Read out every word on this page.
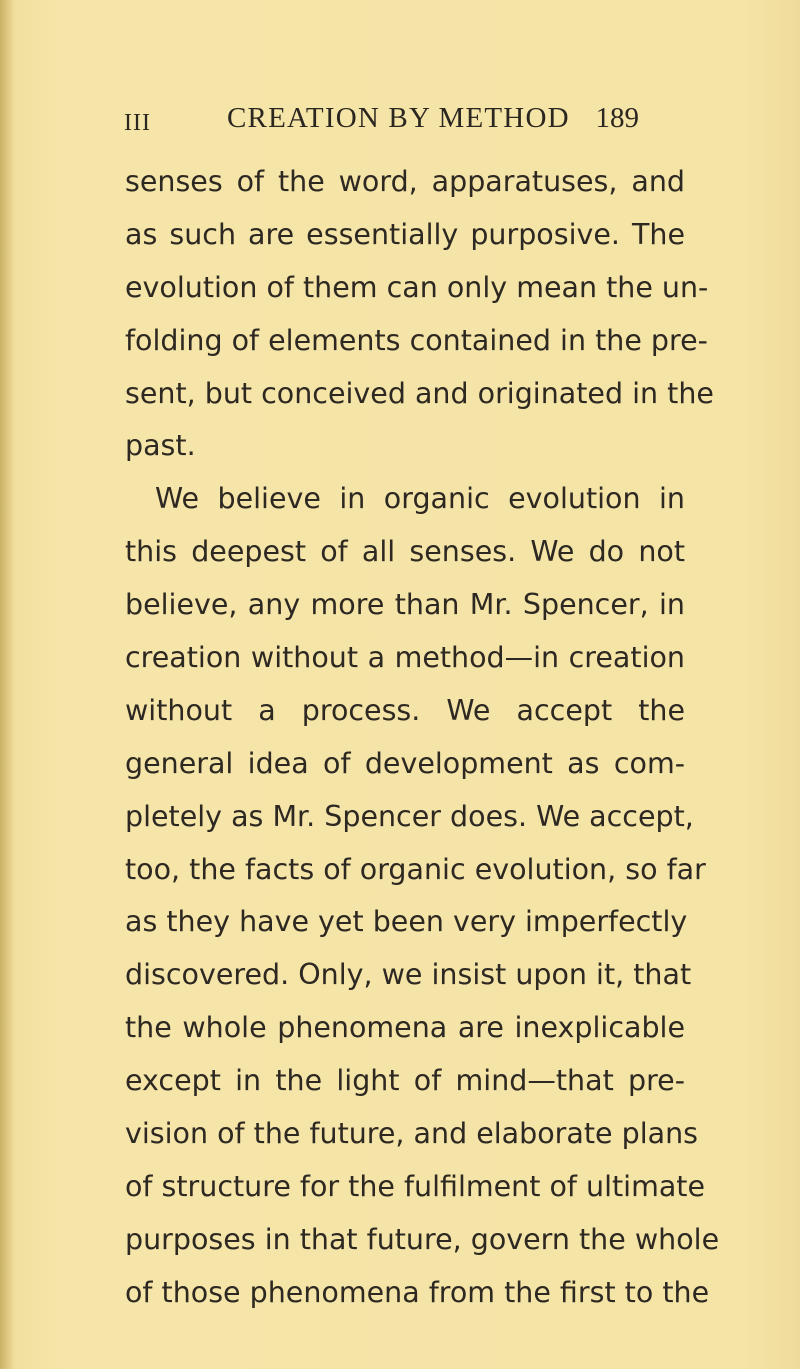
III	CREATION BY METHOD 189
senses of the word, apparatuses, and
as such are essentially purposive. The
evolution of them can only mean the un-
folding of elements contained in the pre-
sent, but conceived and originated in the
past.
We believe in organic evolution in
this deepest of all senses. We do not
believe, any more than Mr. Spencer, in
creation without a method—in creation
without a process. We accept the
general idea of development as com-
pletely as Mr. Spencer does. We accept,
too, the facts of organic evolution, so far
as they have yet been very imperfectly
discovered. Only, we insist upon it, that
the whole phenomena are inexplicable
except in the light of mind—that pre-
vision of the future, and elaborate plans
of structure for the fulfilment of ultimate
purposes in that future, govern the whole
of those phenomena from the first to the
